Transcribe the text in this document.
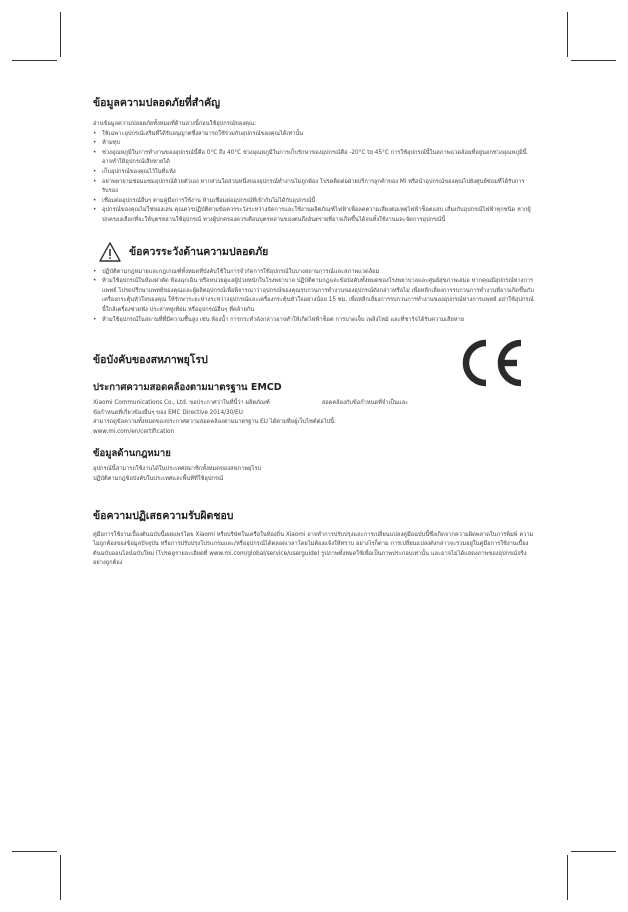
ข้อมูลความปลอดภัยที่สำคัญ

อ่านข้อมูลความปลอดภัยทั้งหมดที่ด้านล่างนี้ก่อนใช้อุปกรณ์ของคุณ:

• ใช้เฉพาะอุปกรณ์เสริมที่ได้รับอนุญาตซึ่งสามารถใช้ร่วมกับอุปกรณ์ของคุณได้เท่านั้น
• ห้ามทุบ
• ช่วงอุณหภูมิในการทำงานของอุปกรณ์นี้คือ 0°C ถึง 40°C ช่วงอุณหภูมิในการเก็บรักษาของอุปกรณ์คือ -20°C to 45°C การใช้อุปกรณ์นี้ในสภาพแวดล้อมที่อยู่นอกช่วงอุณหภูมินี้อาจทำให้อุปกรณ์เสียหายได้
• เก็บอุปกรณ์ของคุณไว้ในที่แห้ง
• อย่าพยายามซ่อมแซมอุปกรณ์ด้วยตัวเอง หากส่วนใดส่วนหนึ่งของอุปกรณ์ทำงานไม่ถูกต้อง โปรดติดต่อฝ่ายบริการลูกค้าของ Mi หรือนำอุปกรณ์ของคุณไปยังศูนย์ซ่อมที่ได้รับการรับรอง
• เชื่อมต่ออุปกรณ์อื่นๆ ตามคู่มือการใช้งาน ห้ามเชื่อมต่ออุปกรณ์ที่เข้ากันไม่ได้กับอุปกรณ์นี้
• อุปกรณ์ของคุณไม่ใช่ของเล่น คุณควรปฏิบัติตามข้อควรระวังระหว่างจัดการและใช้งานผลิตภัณฑ์ไฟฟ้าเพื่อลดความเสี่ยงต่อเหตุไฟฟ้าช็อตแสบ เสี่ยงกับอุปกรณ์ไฟฟ้าทุกชนิด หากผู้ปกครองเลือกที่จะให้บุตรหลานใช้อุปกรณ์ ทางผู้ปกครองควรเตือนบุตรหลานของตนถึงอันตรายที่อาจเกิดขึ้นได้จนทั้งใช้งานและจัดการอุปกรณ์นี้
ข้อควรระวังด้านความปลอดภัย
• ปฏิบัติตามกฎหมายและกฎเกณฑ์ทั้งหมดที่บังคับใช้ในการจำกัดการใช้อุปกรณ์ในบางสถานการณ์และสภาพแวดล้อม
• ห้ามใช้อุปกรณ์ในห้องผ่าตัด ห้องฉุกเฉิน หรือหน่วยดูแลผู้ป่วยหนักในโรงพยาบาล ปฏิบัติตามกฎและข้อบังคับทั้งหมดของโรงพยาบาลและศูนย์สุขภาพเสมอ หากคุณมีอุปกรณ์ทางการแพทย์ โปรดปรึกษาแพทย์ของคุณและผู้ผลิตอุปกรณ์เพื่อพิจารณาว่าอุปกรณ์ของคุณรบกวนการทำงานของอุปกรณ์ดังกล่าวหรือไม่ เพื่อหลีกเลี่ยงการรบกวนการทำงานที่อาจเกิดขึ้นกับเครื่องกระตุ้นหัวใจของคุณ ให้รักษาระยะห่างระหว่างอุปกรณ์และเครื่องกระตุ้นหัวใจอย่างน้อย 15 ซม. เพื่อหลีกเลี่ยงการรบกวนการทำงานของอุปกรณ์ทางการแพทย์ อย่าใช้อุปกรณ์นี้ใกล้เครื่องช่วยฟัง ประสาทหูเทียม หรืออุปกรณ์อื่นๆ ที่คล้ายกัน
• ห้ามใช้อุปกรณ์ในสถานที่ที่มีความชื้นสูง เช่น ห้องน้ำ การกระทำดังกล่าวอาจทำให้เกิดไฟฟ้าช็อต การบาดเจ็บ เพลิงไหม้ และที่ชาร์จได้รับความเสียหาย
ข้อบังคับของสหภาพยุโรป
ประกาศความสอดคล้องตามมาตรฐาน EMCD

Xiaomi Communications Co., Ltd. ขอประกาศว่าในที่นี้ว่า ผลิตภัณฑ์	สอดคล้องกับข้อกำหนดที่จำเป็นและ

ข้อกำหนดที่เกี่ยวข้องอื่นๆ ของ EMC Directive 2014/30/EU

สามารถดูข้อความทั้งหมดของประกาศความสอดคล้องตามมาตรฐาน EU ได้ตามที่อยู่เว็บไซต์ต่อไปนี้:

www.mi.com/en/certification

ข้อมูลด้านกฎหมาย

อุปกรณ์นี้สามารถใช้งานได้ในประเทศสมาชิกทั้งหมดของสหภาพยุโรป

ปฏิบัติตามกฎข้อบังคับในประเทศและพื้นที่ที่ใช้อุปกรณ์

ข้อความปฏิเสธความรับผิดชอบ

คู่มือการใช้งานเบื้องต้นฉบับนี้เผยแพร่โดย Xiaomi หรือบริษัทในเครือในท้องถิ่น Xiaomi อาจทำการปรับปรุงและการเปลี่ยนแปลงคู่มือฉบับนี้ซึ่งเกิดจากความผิดพลาดในการพิมพ์ ความไม่ถูกต้องของข้อมูลปัจจุบัน หรือการปรับปรุงโปรแกรมและ/หรืออุปกรณ์ได้ตลอดเวลาโดยไม่ต้องแจ้งให้ทราบ อย่างไรก็ตาม การเปลี่ยนแปลงดังกล่าวจะรวมอยู่ในคู่มือการใช้งานเบื้องต้นฉบับออนไลน์ฉบับใหม่ (โปรดดูรายละเอียดที่ www.mi.com/global/service/userguide) รูปภาพทั้งหมดใช้เพื่อเป็นภาพประกอบเท่านั้น และอาจไม่ได้แสดงภาพของอุปกรณ์จริงอย่างถูกต้อง
